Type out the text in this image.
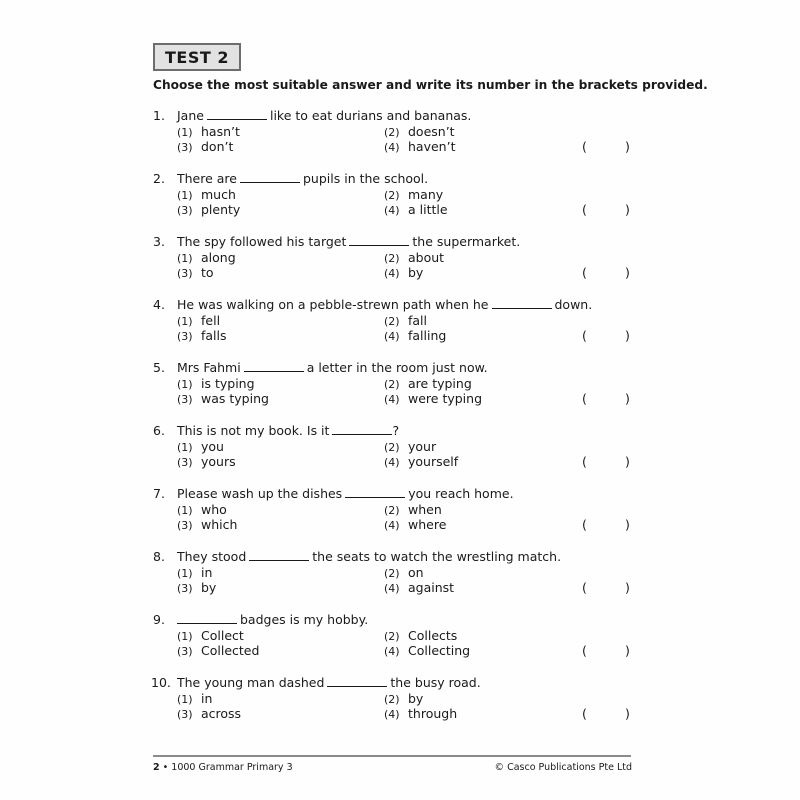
TEST 2
Choose the most suitable answer and write its number in the brackets provided.
1. Jane	like to eat durians and bananas.
(1) hasn’t	(2) doesn’t
(3) don’t	(4) haven’t	(	)
2. There are	pupils in the school.
(1) much	(2) many
(3) plenty	(4) a little	(	)
3. The spy followed his target	the supermarket.
(1) along	(2) about
(3) to	(4) by	(	)
4. He was walking on a pebble-strewn path when he	down.
(1) fell	(2) fall
(3) falls	(4) falling	(	)
5. Mrs Fahmi	a letter in the room just now.
(1) is typing	(2) are typing
(3) was typing	(4) were typing	(	)
6. This is not my book. Is it	?
(1) you	(2) your
(3) yours	(4) yourself	(	)
7. Please wash up the dishes	you reach home.
(1) who	(2) when
(3) which	(4) where	(	)
8. They stood	the seats to watch the wrestling match.
(1) in	(2) on
(3) by	(4) against	(	)
9.	badges is my hobby.
(1) Collect	(2) Collects
(3) Collected	(4) Collecting	(	)
10. The young man dashed	the busy road.
(1) in	(2) by
(3) across	(4) through	(	)
2 • 1000 Grammar Primary 3	© Casco Publications Pte Ltd
